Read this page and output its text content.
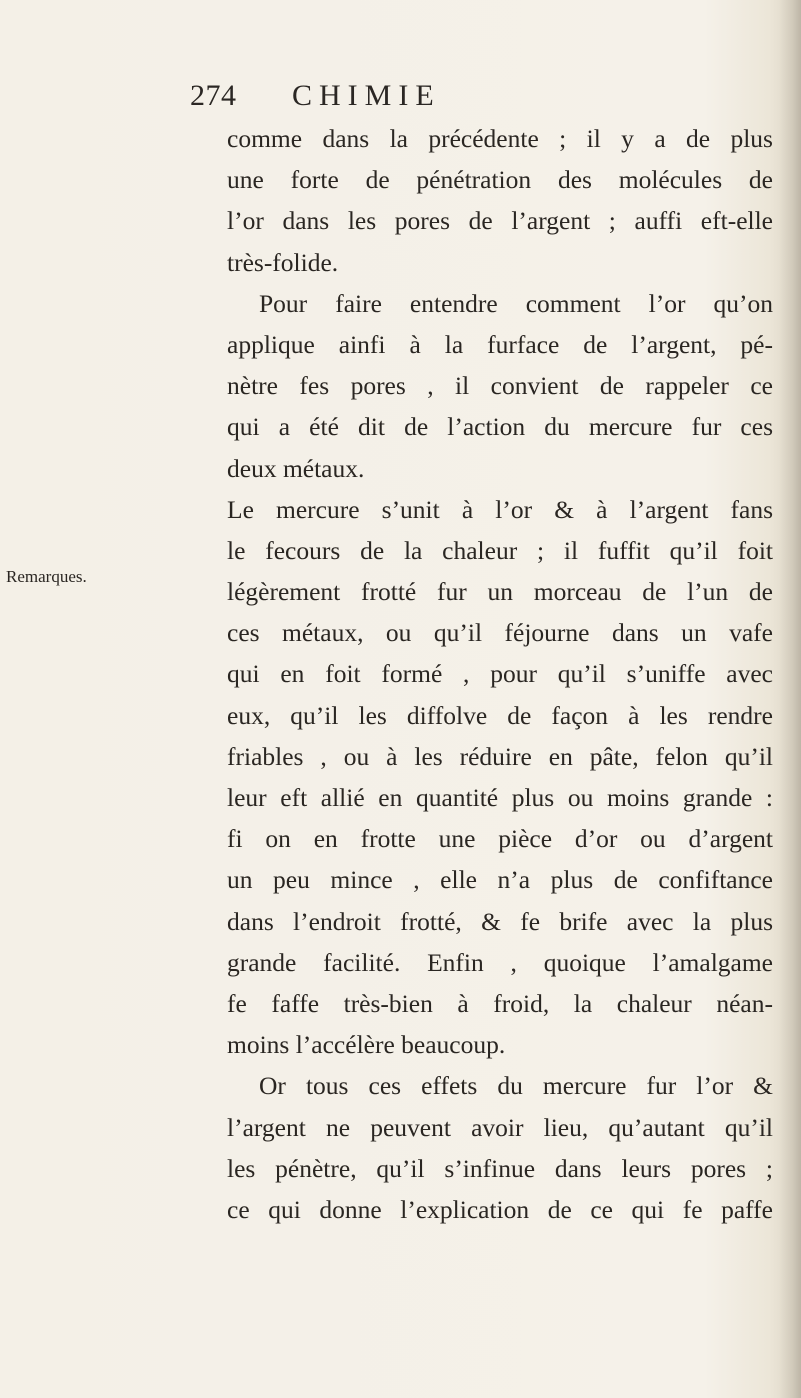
274 CHIMIE
Remarques.
comme dans la précédente ; il y a de plus
une forte de pénétration des molécules de
l’or dans les pores de l’argent ; auffi eft-elle
très-folide.
Pour faire entendre comment l’or qu’on
applique ainfi à la furface de l’argent, pé-
nètre fes pores , il convient de rappeler ce
qui a été dit de l’action du mercure fur ces
deux métaux.
Le mercure s’unit à l’or & à l’argent fans
le fecours de la chaleur ; il fuffit qu’il foit
légèrement frotté fur un morceau de l’un de
ces métaux, ou qu’il féjourne dans un vafe
qui en foit formé , pour qu’il s’uniffe avec
eux, qu’il les diffolve de façon à les rendre
friables , ou à les réduire en pâte, felon qu’il
leur eft allié en quantité plus ou moins grande :
fi on en frotte une pièce d’or ou d’argent
un peu mince , elle n’a plus de confiftance
dans l’endroit frotté, & fe brife avec la plus
grande facilité. Enfin , quoique l’amalgame
fe faffe très-bien à froid, la chaleur néan-
moins l’accélère beaucoup.
Or tous ces effets du mercure fur l’or &
l’argent ne peuvent avoir lieu, qu’autant qu’il
les pénètre, qu’il s’infinue dans leurs pores ;
ce qui donne l’explication de ce qui fe paffe
